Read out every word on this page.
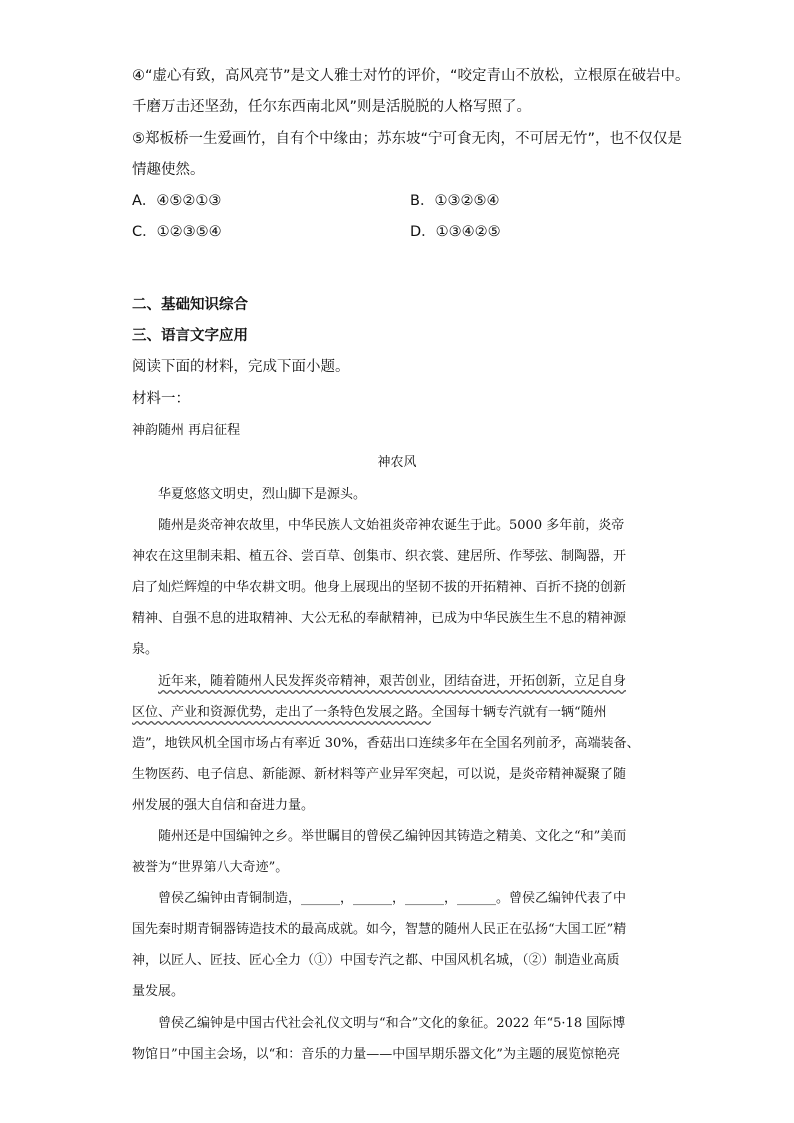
④“虚心有致，高风亮节”是文人雅士对竹的评价，“咬定青山不放松，立根原在破岩中。
千磨万击还坚劲，任尔东西南北风”则是活脱脱的人格写照了。
⑤郑板桥一生爱画竹，自有个中缘由；苏东坡“宁可食无肉，不可居无竹”，也不仅仅是
情趣使然。
A．④⑤②①③	B．①③②⑤④
C．①②③⑤④	D．①③④②⑤
二、基础知识综合
三、语言文字应用
阅读下面的材料，完成下面小题。
材料一：
神韵随州 再启征程
神农风
华夏悠悠文明史，烈山脚下是源头。
随州是炎帝神农故里，中华民族人文始祖炎帝神农诞生于此。5000 多年前，炎帝
神农在这里制耒耜、植五谷、尝百草、创集市、织衣裳、建居所、作琴弦、制陶器，开
启了灿烂辉煌的中华农耕文明。他身上展现出的坚韧不拔的开拓精神、百折不挠的创新
精神、自强不息的进取精神、大公无私的奉献精神，已成为中华民族生生不息的精神源
泉。
近年来，随着随州人民发挥炎帝精神，艰苦创业，团结奋进，开拓创新，立足自身
区位、产业和资源优势，走出了一条特色发展之路。全国每十辆专汽就有一辆“随州
造”，地铁风机全国市场占有率近 30%，香菇出口连续多年在全国名列前矛，高端装备、
生物医药、电子信息、新能源、新材料等产业异军突起，可以说，是炎帝精神凝聚了随
州发展的强大自信和奋进力量。
随州还是中国编钟之乡。举世瞩目的曾侯乙编钟因其铸造之精美、文化之“和”美而
被誉为“世界第八大奇迹”。
曾侯乙编钟由青铜制造，______，______，______，______。曾侯乙编钟代表了中
国先秦时期青铜器铸造技术的最高成就。如今，智慧的随州人民正在弘扬“大国工匠”精
神，以匠人、匠技、匠心全力（①）中国专汽之都、中国风机名城，（②）制造业高质
量发展。
曾侯乙编钟是中国古代社会礼仪文明与“和合”文化的象征。2022 年“5·18 国际博
物馆日”中国主会场，以“和：音乐的力量——中国早期乐器文化”为主题的展览惊艳亮
